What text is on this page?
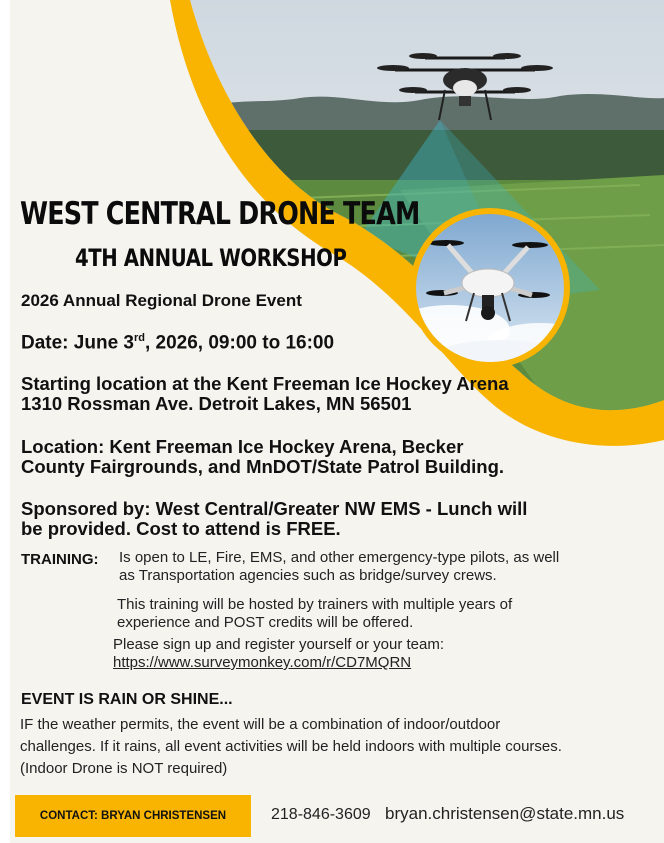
WEST CENTRAL DRONE TEAM
4TH ANNUAL WORKSHOP

2026 Annual Regional Drone Event

Date: June 3rd, 2026, 09:00 to 16:00

Starting location at the Kent Freeman Ice Hockey Arena
1310 Rossman Ave. Detroit Lakes, MN 56501

Location: Kent Freeman Ice Hockey Arena, Becker
County Fairgrounds, and MnDOT/State Patrol Building.

Sponsored by: West Central/Greater NW EMS - Lunch will
be provided. Cost to attend is FREE.

TRAINING: Is open to LE, Fire, EMS, and other emergency-type pilots, as well
as Transportation agencies such as bridge/survey crews.

This training will be hosted by trainers with multiple years of
experience and POST credits will be offered.

Please sign up and register yourself or your team:

https://www.surveymonkey.com/r/CD7MQRN

EVENT IS RAIN OR SHINE...

IF the weather permits, the event will be a combination of indoor/outdoor
challenges. If it rains, all event activities will be held indoors with multiple courses.
(Indoor Drone is NOT required)

CONTACT: BRYAN CHRISTENSEN	218-846-3609 bryan.christensen@state.mn.us
